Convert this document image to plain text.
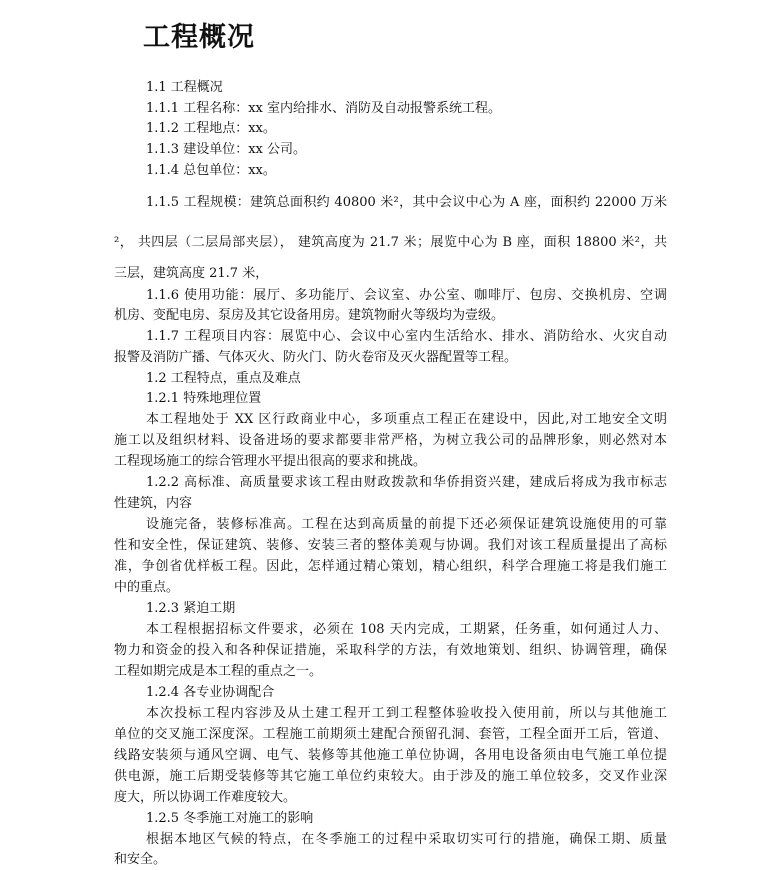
工程概况
1.1 工程概况
1.1.1 工程名称：xx 室内给排水、消防及自动报警系统工程。
1.1.2 工程地点：xx。
1.1.3 建设单位：xx 公司。
1.1.4 总包单位：xx。
1.1.5 工程规模：建筑总面积约 40800 米²，其中会议中心为 A 座，面积约 22000 万米
²， 共四层（二层局部夹层）， 建筑高度为 21.7 米；展览中心为 B 座，面积 18800 米²，共
三层，建筑高度 21.7 米，
1.1.6 使用功能：展厅、多功能厅、会议室、办公室、咖啡厅、包房、交换机房、空调
机房、变配电房、泵房及其它设备用房。建筑物耐火等级均为壹级。
1.1.7 工程项目内容：展览中心、会议中心室内生活给水、排水、消防给水、火灾自动
报警及消防广播、气体灭火、防火门、防火卷帘及灭火器配置等工程。
1.2 工程特点，重点及难点
1.2.1 特殊地理位置
本工程地处于 XX 区行政商业中心，多项重点工程正在建设中，因此,对工地安全文明
施工以及组织材料、设备进场的要求都要非常严格，为树立我公司的品牌形象，则必然对本
工程现场施工的综合管理水平提出很高的要求和挑战。
1.2.2 高标准、高质量要求该工程由财政拨款和华侨捐资兴建，建成后将成为我市标志
性建筑，内容
设施完备，装修标准高。工程在达到高质量的前提下还必须保证建筑设施使用的可靠
性和安全性，保证建筑、装修、安装三者的整体美观与协调。我们对该工程质量提出了高标
准，争创省优样板工程。因此，怎样通过精心策划，精心组织，科学合理施工将是我们施工
中的重点。
1.2.3 紧迫工期
本工程根据招标文件要求，必须在 108 天内完成，工期紧，任务重，如何通过人力、
物力和资金的投入和各种保证措施，采取科学的方法，有效地策划、组织、协调管理，确保
工程如期完成是本工程的重点之一。
1.2.4 各专业协调配合
本次投标工程内容涉及从土建工程开工到工程整体验收投入使用前，所以与其他施工
单位的交叉施工深度深。工程施工前期须土建配合预留孔洞、套管，工程全面开工后，管道、
线路安装须与通风空调、电气、装修等其他施工单位协调，各用电设备须由电气施工单位提
供电源，施工后期受装修等其它施工单位约束较大。由于涉及的施工单位较多，交叉作业深
度大，所以协调工作难度较大。
1.2.5 冬季施工对施工的影响
根据本地区气候的特点，在冬季施工的过程中采取切实可行的措施，确保工期、质量
和安全。
